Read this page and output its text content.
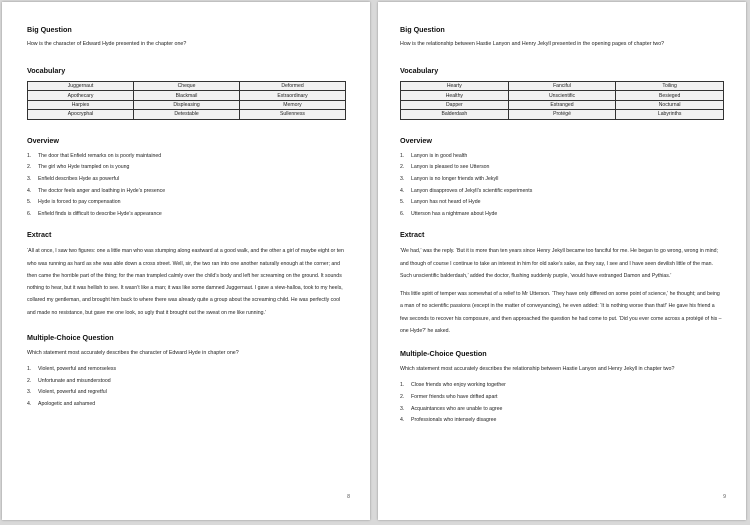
Big Question

How is the character of Edward Hyde presented in the chapter one?

Vocabulary
Juggernaut	Cheque	Deformed
Apothecary	Blackmail	Extraordinary
Harpies	Displeasing	Memory
Apocryphal	Detestable	Sullenness
Overview
1.	The door that Enfield remarks on is poorly maintained
2.	The girl who Hyde trampled on is young
3.	Enfield describes Hyde as powerful
4.	The doctor feels anger and loathing in Hyde’s presence
5.	Hyde is forced to pay compensation
6.	Enfield finds is difficult to describe Hyde’s appearance
Extract

‘All at once, I saw two figures: one a little man who was stumping along eastward at a good walk, and the other a girl of maybe eight or ten who was running as hard as she was able down a cross street. Well, sir, the two ran into one another naturally enough at the corner; and then came the horrible part of the thing; for the man trampled calmly over the child’s body and left her screaming on the ground. It sounds nothing to hear, but it was hellish to see. It wasn’t like a man; it was like some damned Juggernaut. I gave a view-halloa, took to my heels, collared my gentleman, and brought him back to where there was already quite a group about the screaming child. He was perfectly cool and made no resistance, but gave me one look, so ugly that it brought out the sweat on me like running.’

Multiple-Choice Question

Which statement most accurately describes the character of Edward Hyde in chapter one?

1.	Violent, powerful and remorseless
2.	Unfortunate and misunderstood
3.	Violent, powerful and regretful
4.	Apologetic and ashamed
8
Big Question

How is the relationship between Hastie Lanyon and Henry Jekyll presented in the opening pages of chapter two?

Vocabulary
Hearty	Fanciful	Toiling
Healthy	Unscientific	Besieged
Dapper	Estranged	Nocturnal
Balderdash	Protégé	Labyrinths
Overview
1.	Lanyon is in good health
2.	Lanyon is pleased to see Utterson
3.	Lanyon is no longer friends with Jekyll
4.	Lanyon disapproves of Jekyll’s scientific experiments
5.	Lanyon has not heard of Hyde
6.	Utterson has a nightmare about Hyde
Extract

‘We had,’ was the reply. ‘But it is more than ten years since Henry Jekyll became too fanciful for me. He began to go wrong, wrong in mind; and though of course I continue to take an interest in him for old sake’s sake, as they say, I see and I have seen devilish little of the man. Such unscientific balderdash,’ added the doctor, flushing suddenly purple, ‘would have estranged Damon and Pythias.’

This little spirit of temper was somewhat of a relief to Mr Utterson. ‘They have only differed on some point of science,’ he thought; and being a man of no scientific passions (except in the matter of conveyancing), he even added: ‘It is nothing worse than that!’ He gave his friend a few seconds to recover his composure, and then approached the question he had come to put. ‘Did you ever come across a protégé of his – one Hyde?’ he asked.

Multiple-Choice Question

Which statement most accurately describes the relationship between Hastie Lanyon and Henry Jekyll in chapter two?

1.	Close friends who enjoy working together
2.	Former friends who have drifted apart
3.	Acquaintances who are unable to agree
4.	Professionals who intensely disagree
9
